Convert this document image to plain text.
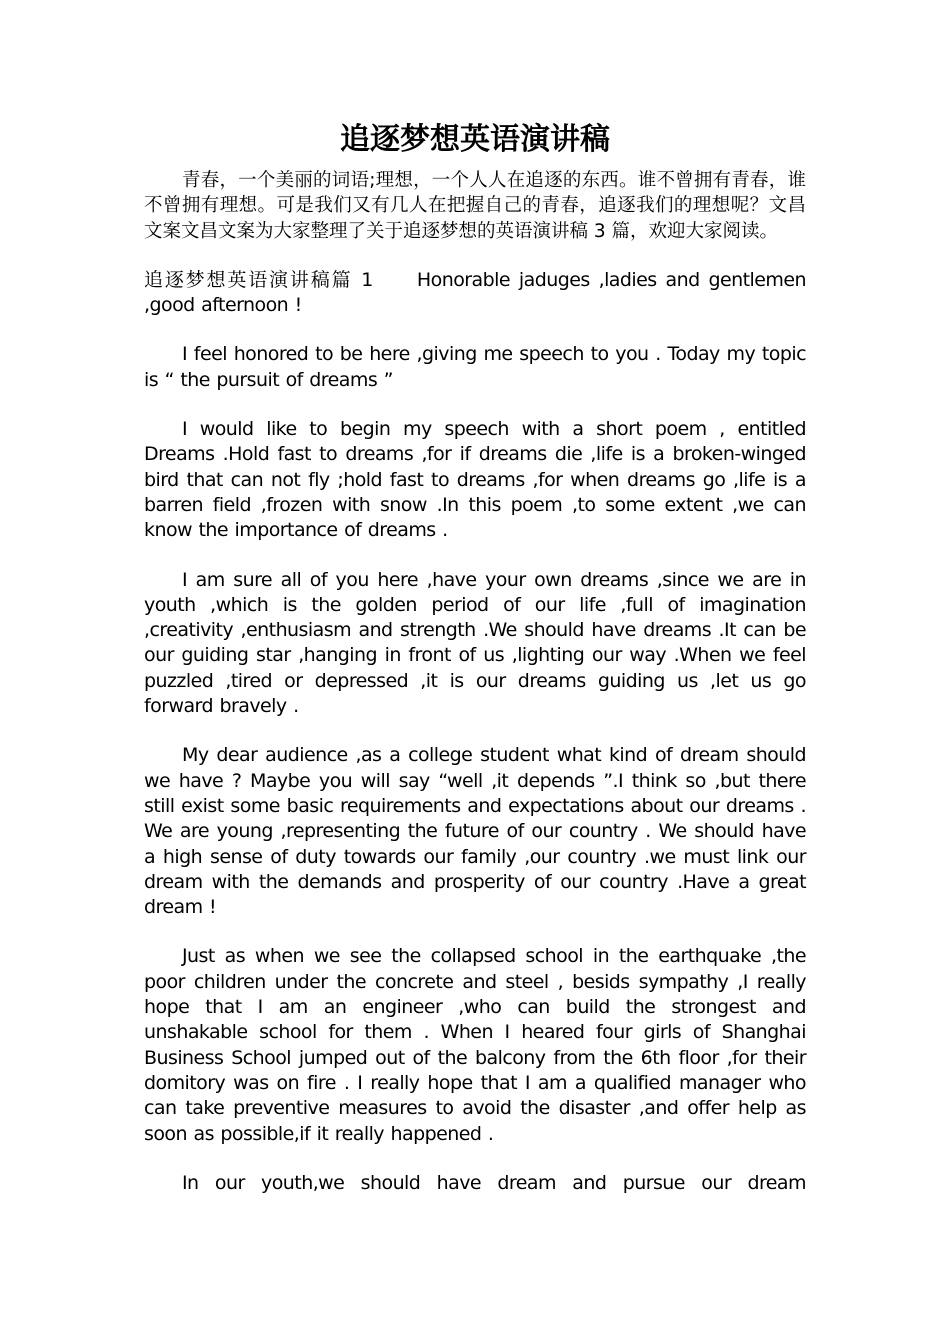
追逐梦想英语演讲稿

青春，一个美丽的词语;理想，一个人人在追逐的东西。谁不曾拥有青春，谁不曾拥有理想。可是我们又有几人在把握自己的青春，追逐我们的理想呢？文昌文案文昌文案为大家整理了关于追逐梦想的英语演讲稿 3 篇，欢迎大家阅读。

追逐梦想英语演讲稿篇 1　　Honorable jaduges ,ladies and gentlemen ,good afternoon !

I feel honored to be here ,giving me speech to you . Today my topic is “ the pursuit of dreams ”

I would like to begin my speech with a short poem , entitled Dreams .Hold fast to dreams ,for if dreams die ,life is a broken-winged bird that can not fly ;hold fast to dreams ,for when dreams go ,life is a barren field ,frozen with snow .In this poem ,to some extent ,we can know the importance of dreams .

I am sure all of you here ,have your own dreams ,since we are in youth ,which is the golden period of our life ,full of imagination ,creativity ,enthusiasm and strength .We should have dreams .It can be our guiding star ,hanging in front of us ,lighting our way .When we feel puzzled ,tired or depressed ,it is our dreams guiding us ,let us go forward bravely .

My dear audience ,as a college student what kind of dream should we have ? Maybe you will say “well ,it depends ”.I think so ,but there still exist some basic requirements and expectations about our dreams . We are young ,representing the future of our country . We should have a high sense of duty towards our family ,our country .we must link our dream with the demands and prosperity of our country .Have a great dream !

Just as when we see the collapsed school in the earthquake ,the poor children under the concrete and steel , besids sympathy ,I really hope that I am an engineer ,who can build the strongest and unshakable school for them . When I heared four girls of Shanghai Business School jumped out of the balcony from the 6th floor ,for their domitory was on fire . I really hope that I am a qualified manager who can take preventive measures to avoid the disaster ,and offer help as soon as possible,if it really happened .

In our youth,we should have dream and pursue our dream
